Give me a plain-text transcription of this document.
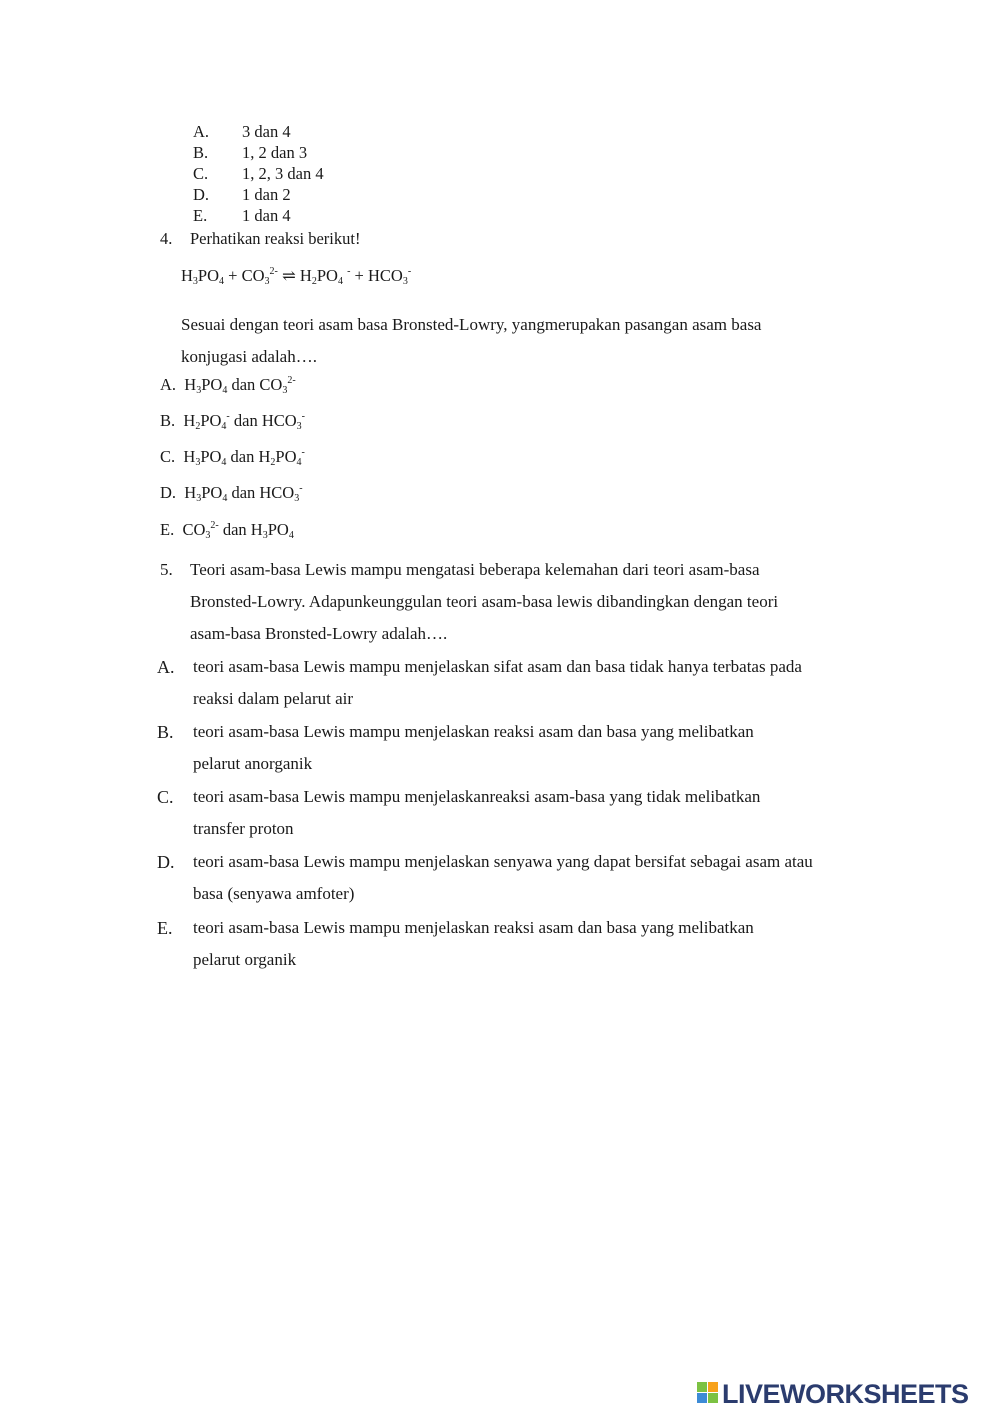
A. 3 dan 4
B. 1, 2 dan 3
C. 1, 2, 3 dan 4
D. 1 dan 2
E. 1 dan 4
4. Perhatikan reaksi berikut!
$H_3PO_4 + CO_3^{2-}$ ⇌ $H_2PO_4$ $^- + HCO_3^-$
Sesuai dengan teori asam basa Bronsted-Lowry, yangmerupakan pasangan asam basa
konjugasi adalah….
A. $H_3PO_4$ dan $CO_3^{2-}$
B. $H_2PO_4^-$ dan $HCO_3^-$
C. $H_3PO_4$ dan $H_2PO_4^-$
D. $H_3PO_4$ dan $HCO_3^-$
E. $CO_3^{2-}$ dan $H_3PO_4$
5. Teori asam-basa Lewis mampu mengatasi beberapa kelemahan dari teori asam-basa
Bronsted-Lowry. Adapunkeunggulan teori asam-basa lewis dibandingkan dengan teori
asam-basa Bronsted-Lowry adalah….
A. teori asam-basa Lewis mampu menjelaskan sifat asam dan basa tidak hanya terbatas pada
reaksi dalam pelarut air
B. teori asam-basa Lewis mampu menjelaskan reaksi asam dan basa yang melibatkan
pelarut anorganik
C. teori asam-basa Lewis mampu menjelaskanreaksi asam-basa yang tidak melibatkan
transfer proton
D. teori asam-basa Lewis mampu menjelaskan senyawa yang dapat bersifat sebagai asam atau
basa (senyawa amfoter)
E. teori asam-basa Lewis mampu menjelaskan reaksi asam dan basa yang melibatkan
pelarut organik
LIVEWORKSHEETS
